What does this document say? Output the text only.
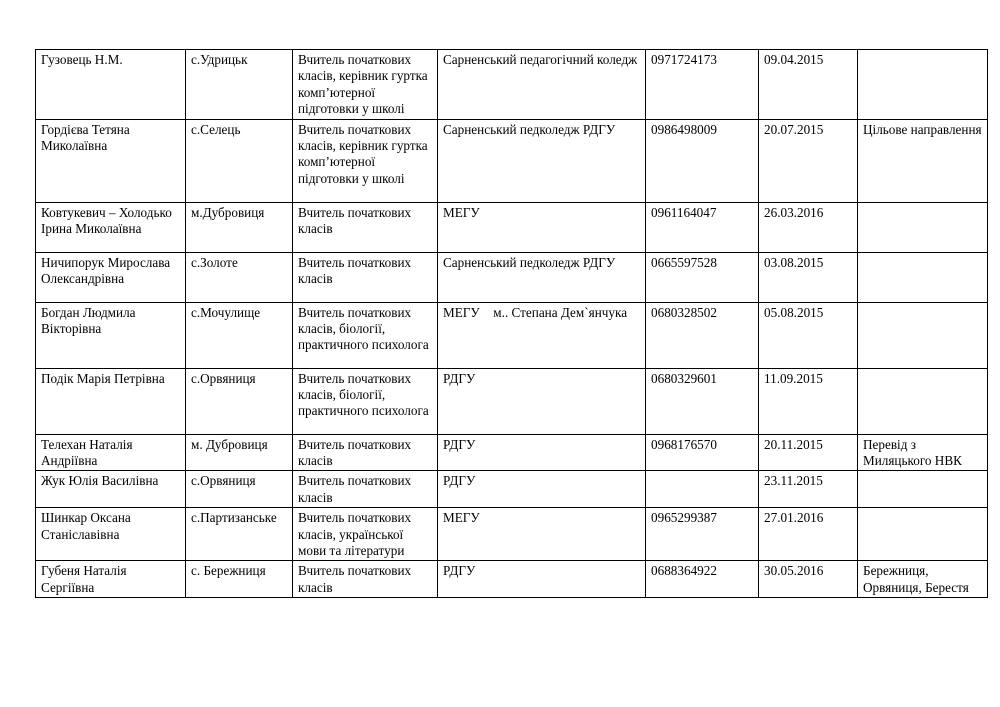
Гузовець Н.М.	с.Удрицьк	Вчитель початкових класів, керівник гуртка комп’ютерної підготовки у школі	Сарненський педагогічний коледж	0971724173	09.04.2015	
Гордієва Тетяна Миколаївна	с.Селець	Вчитель початкових класів, керівник гуртка комп’ютерної підготовки у школі	Сарненський педколедж РДГУ	0986498009	20.07.2015	Цільове направлення
Ковтукевич – Холодько Ірина Миколаївна	м.Дубровиця	Вчитель початкових класів	МЕГУ	0961164047	26.03.2016	
Ничипорук Мирослава Олександрівна	с.Золоте	Вчитель початкових класів	Сарненський педколедж РДГУ	0665597528	03.08.2015	
Богдан Людмила Вікторівна	с.Мочулище	Вчитель початкових класів, біології, практичного психолога	МЕГУ м.. Степана Дем`янчука	0680328502	05.08.2015	
Подік Марія Петрівна	с.Орвяниця	Вчитель початкових класів, біології, практичного психолога	РДГУ	0680329601	11.09.2015	
Телехан Наталія Андріївна	м. Дубровиця	Вчитель початкових класів	РДГУ	0968176570	20.11.2015	Перевід з Миляцького НВК
Жук Юлія Василівна	с.Орвяниця	Вчитель початкових класів	РДГУ		23.11.2015	
Шинкар Оксана Станіславівна	с.Партизанське	Вчитель початкових класів, української мови та літератури	МЕГУ	0965299387	27.01.2016	
Губеня Наталія Сергіївна	с. Бережниця	Вчитель початкових класів	РДГУ	0688364922	30.05.2016	Бережниця, Орвяниця, Берестя
